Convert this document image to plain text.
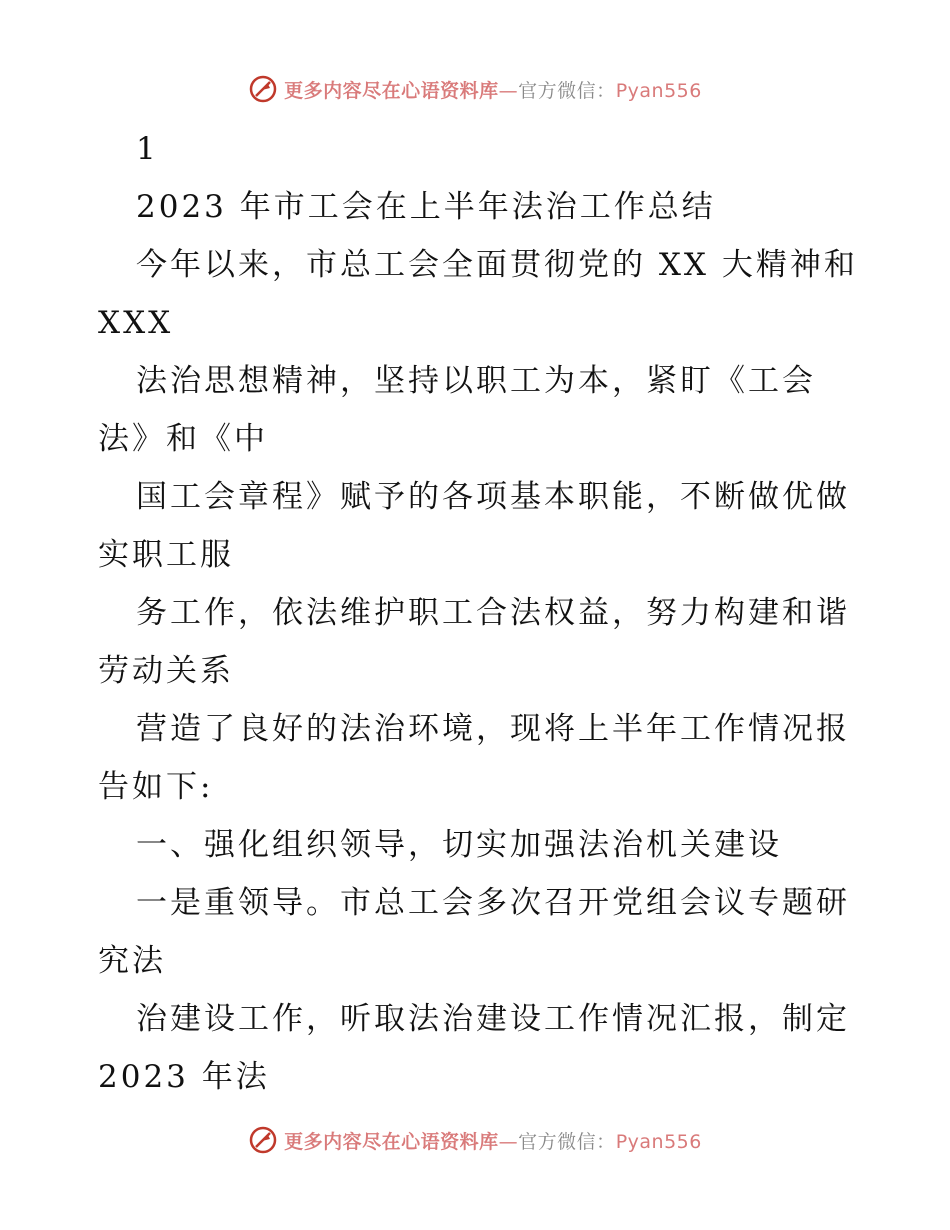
更多内容尽在心语资料库—官方微信：Pyan556
1
2023 年市工会在上半年法治工作总结
今年以来，市总工会全面贯彻党的 XX 大精神和
XXX
法治思想精神，坚持以职工为本，紧盯《工会
法》和《中
国工会章程》赋予的各项基本职能，不断做优做
实职工服
务工作，依法维护职工合法权益，努力构建和谐
劳动关系
营造了良好的法治环境，现将上半年工作情况报
告如下:
一、强化组织领导，切实加强法治机关建设
一是重领导。市总工会多次召开党组会议专题研
究法
治建设工作，听取法治建设工作情况汇报，制定
2023 年法
更多内容尽在心语资料库—官方微信：Pyan556
